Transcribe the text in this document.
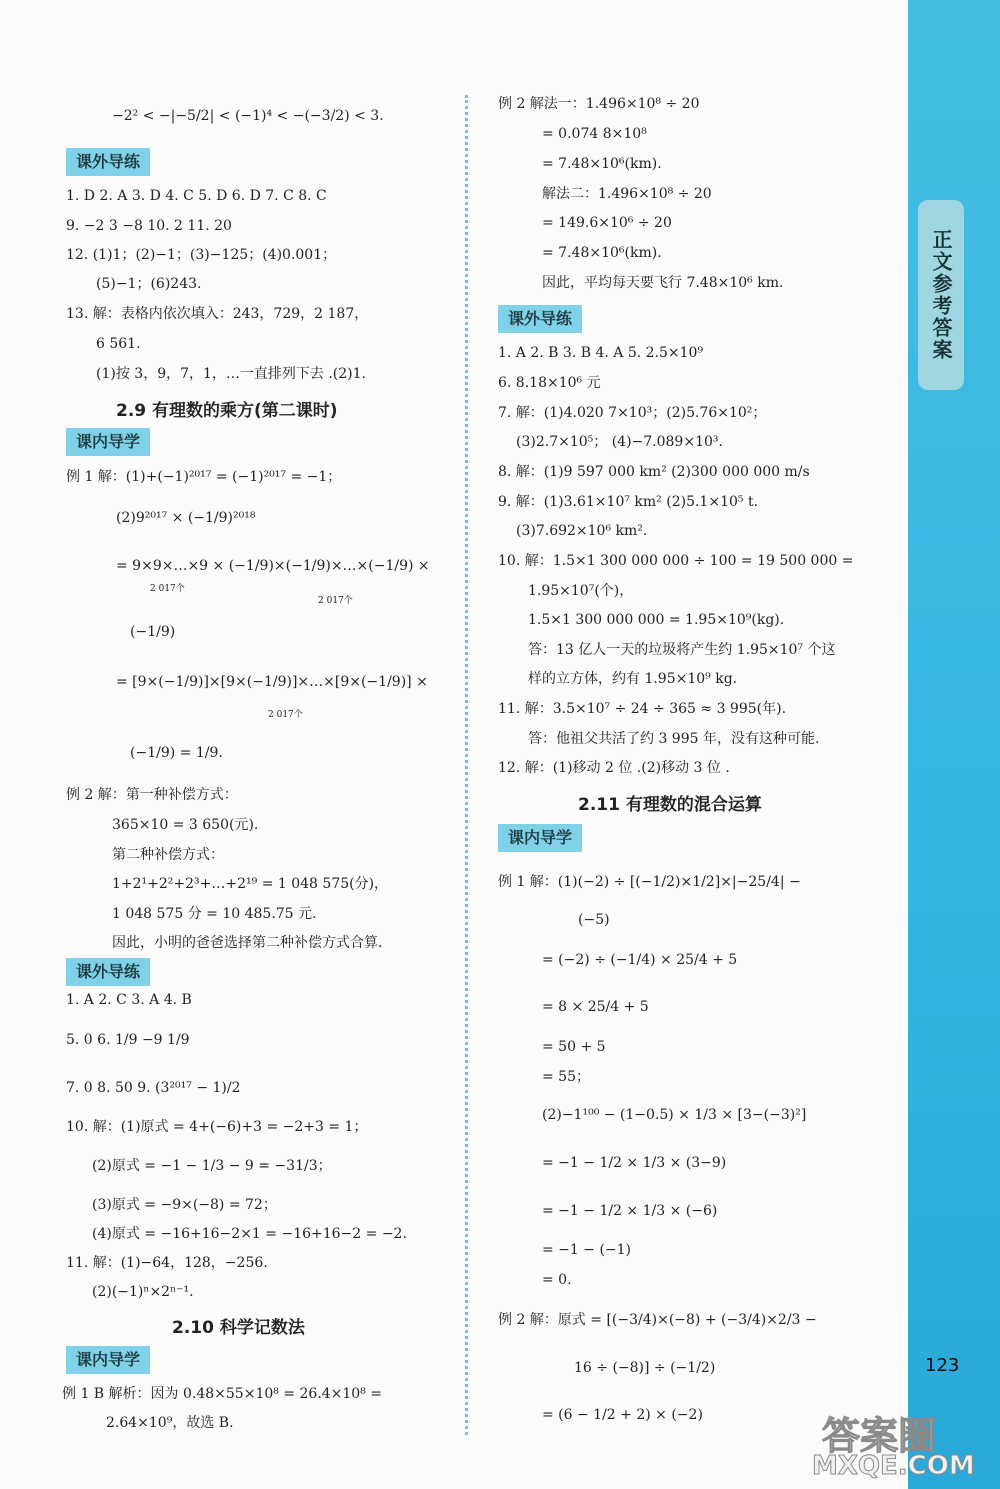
正文参考答案
−2² < −|−5/2| < (−1)⁴ < −(−3/2) < 3.
课外导练
1. D 2. A 3. D 4. C 5. D 6. D 7. C 8. C
9. −2 3 −8 10. 2 11. 20
12. (1)1；(2)−1；(3)−125；(4)0.001；
(5)−1；(6)243.
13. 解：表格内依次填入：243，729，2 187，
6 561.
(1)按 3，9，7，1，…一直排列下去 .(2)1.
2.9 有理数的乘方(第二课时)
课内导学
例 1 解：(1)+(−1)²⁰¹⁷ = (−1)²⁰¹⁷ = −1；
(2)9²⁰¹⁷ × (−1/9)²⁰¹⁸
= 9×9×…×9 × (−1/9)×(−1/9)×…×(−1/9) ×
2 017个
2 017个
(−1/9)
= [9×(−1/9)]×[9×(−1/9)]×…×[9×(−1/9)] ×
2 017个
(−1/9) = 1/9.
例 2 解：第一种补偿方式：
365×10 = 3 650(元).
第二种补偿方式：
1+2¹+2²+2³+…+2¹⁹ = 1 048 575(分)，
1 048 575 分 = 10 485.75 元.
因此，小明的爸爸选择第二种补偿方式合算.
课外导练
1. A 2. C 3. A 4. B
5. 0 6. 1/9 −9 1/9
7. 0 8. 50 9. (3²⁰¹⁷ − 1)/2
10. 解：(1)原式 = 4+(−6)+3 = −2+3 = 1；
(2)原式 = −1 − 1/3 − 9 = −31/3；
(3)原式 = −9×(−8) = 72；
(4)原式 = −16+16−2×1 = −16+16−2 = −2.
11. 解：(1)−64，128，−256.
(2)(−1)ⁿ×2ⁿ⁻¹.
2.10 科学记数法
课内导学
例 1 B 解析：因为 0.48×55×10⁸ = 26.4×10⁸ =
2.64×10⁹，故选 B.
例 2 解法一：1.496×10⁸ ÷ 20
= 0.074 8×10⁸
= 7.48×10⁶(km).
解法二：1.496×10⁸ ÷ 20
= 149.6×10⁶ ÷ 20
= 7.48×10⁶(km).
因此，平均每天要飞行 7.48×10⁶ km.
课外导练
1. A 2. B 3. B 4. A 5. 2.5×10⁹
6. 8.18×10⁶ 元
7. 解：(1)4.020 7×10³；(2)5.76×10²；
(3)2.7×10⁵； (4)−7.089×10³.
8. 解：(1)9 597 000 km² (2)300 000 000 m/s
9. 解：(1)3.61×10⁷ km² (2)5.1×10⁵ t.
(3)7.692×10⁶ km².
10. 解：1.5×1 300 000 000 ÷ 100 = 19 500 000 =
1.95×10⁷(个)，
1.5×1 300 000 000 = 1.95×10⁹(kg).
答：13 亿人一天的垃圾将产生约 1.95×10⁷ 个这
样的立方体，约有 1.95×10⁹ kg.
11. 解：3.5×10⁷ ÷ 24 ÷ 365 ≈ 3 995(年).
答：他祖父共活了约 3 995 年，没有这种可能.
12. 解：(1)移动 2 位 .(2)移动 3 位 .
2.11 有理数的混合运算
课内导学
例 1 解：(1)(−2) ÷ [(−1/2)×1/2]×|−25/4| −
(−5)
= (−2) ÷ (−1/4) × 25/4 + 5
= 8 × 25/4 + 5
= 50 + 5
= 55；
(2)−1¹⁰⁰ − (1−0.5) × 1/3 × [3−(−3)²]
= −1 − 1/2 × 1/3 × (3−9)
= −1 − 1/2 × 1/3 × (−6)
= −1 − (−1)
= 0.
例 2 解：原式 = [(−3/4)×(−8) + (−3/4)×2/3 −
16 ÷ (−8)] ÷ (−1/2)
= (6 − 1/2 + 2) × (−2)
123
答案圈
MXQE.COM
